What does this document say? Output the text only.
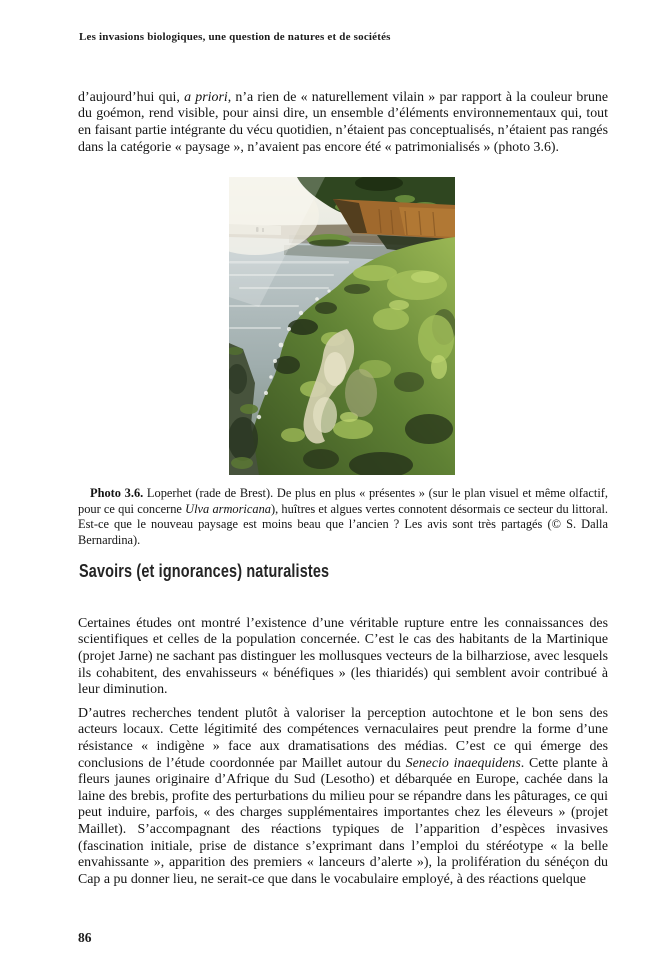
Les invasions biologiques, une question de natures et de sociétés

d’aujourd’hui qui, a priori, n’a rien de « naturellement vilain » par rapport à la couleur brune du goémon, rend visible, pour ainsi dire, un ensemble d’éléments environnementaux qui, tout en faisant partie intégrante du vécu quotidien, n’étaient pas conceptualisés, n’étaient pas rangés dans la catégorie « paysage », n’avaient pas encore été « patrimonialisés » (photo 3.6).

Photo 3.6. Loperhet (rade de Brest). De plus en plus « présentes » (sur le plan visuel et même olfactif, pour ce qui concerne Ulva armoricana), huîtres et algues vertes connotent désormais ce secteur du littoral. Est-ce que le nouveau paysage est moins beau que l’ancien ? Les avis sont très partagés (© S. Dalla Bernardina).
Savoirs (et ignorances) naturalistes

Certaines études ont montré l’existence d’une véritable rupture entre les connaissances des scientifiques et celles de la population concernée. C’est le cas des habitants de la Martinique (projet Jarne) ne sachant pas distinguer les mollusques vecteurs de la bilharziose, avec lesquels ils cohabitent, des envahisseurs « bénéfiques » (les thiaridés) qui semblent avoir contribué à leur diminution.

D’autres recherches tendent plutôt à valoriser la perception autochtone et le bon sens des acteurs locaux. Cette légitimité des compétences vernaculaires peut prendre la forme d’une résistance « indigène » face aux dramatisations des médias. C’est ce qui émerge des conclusions de l’étude coordonnée par Maillet autour du Senecio inaequidens. Cette plante à fleurs jaunes originaire d’Afrique du Sud (Lesotho) et débarquée en Europe, cachée dans la laine des brebis, profite des perturbations du milieu pour se répandre dans les pâturages, ce qui peut induire, parfois, « des charges supplémentaires importantes chez les éleveurs » (projet Maillet). S’accompagnant des réactions typiques de l’apparition d’espèces invasives (fascination initiale, prise de distance s’exprimant dans l’emploi du stéréotype « la belle envahissante », apparition des premiers « lanceurs d’alerte »), la prolifération du sénéçon du Cap a pu donner lieu, ne serait-ce que dans le vocabulaire employé, à des réactions quelque

86
